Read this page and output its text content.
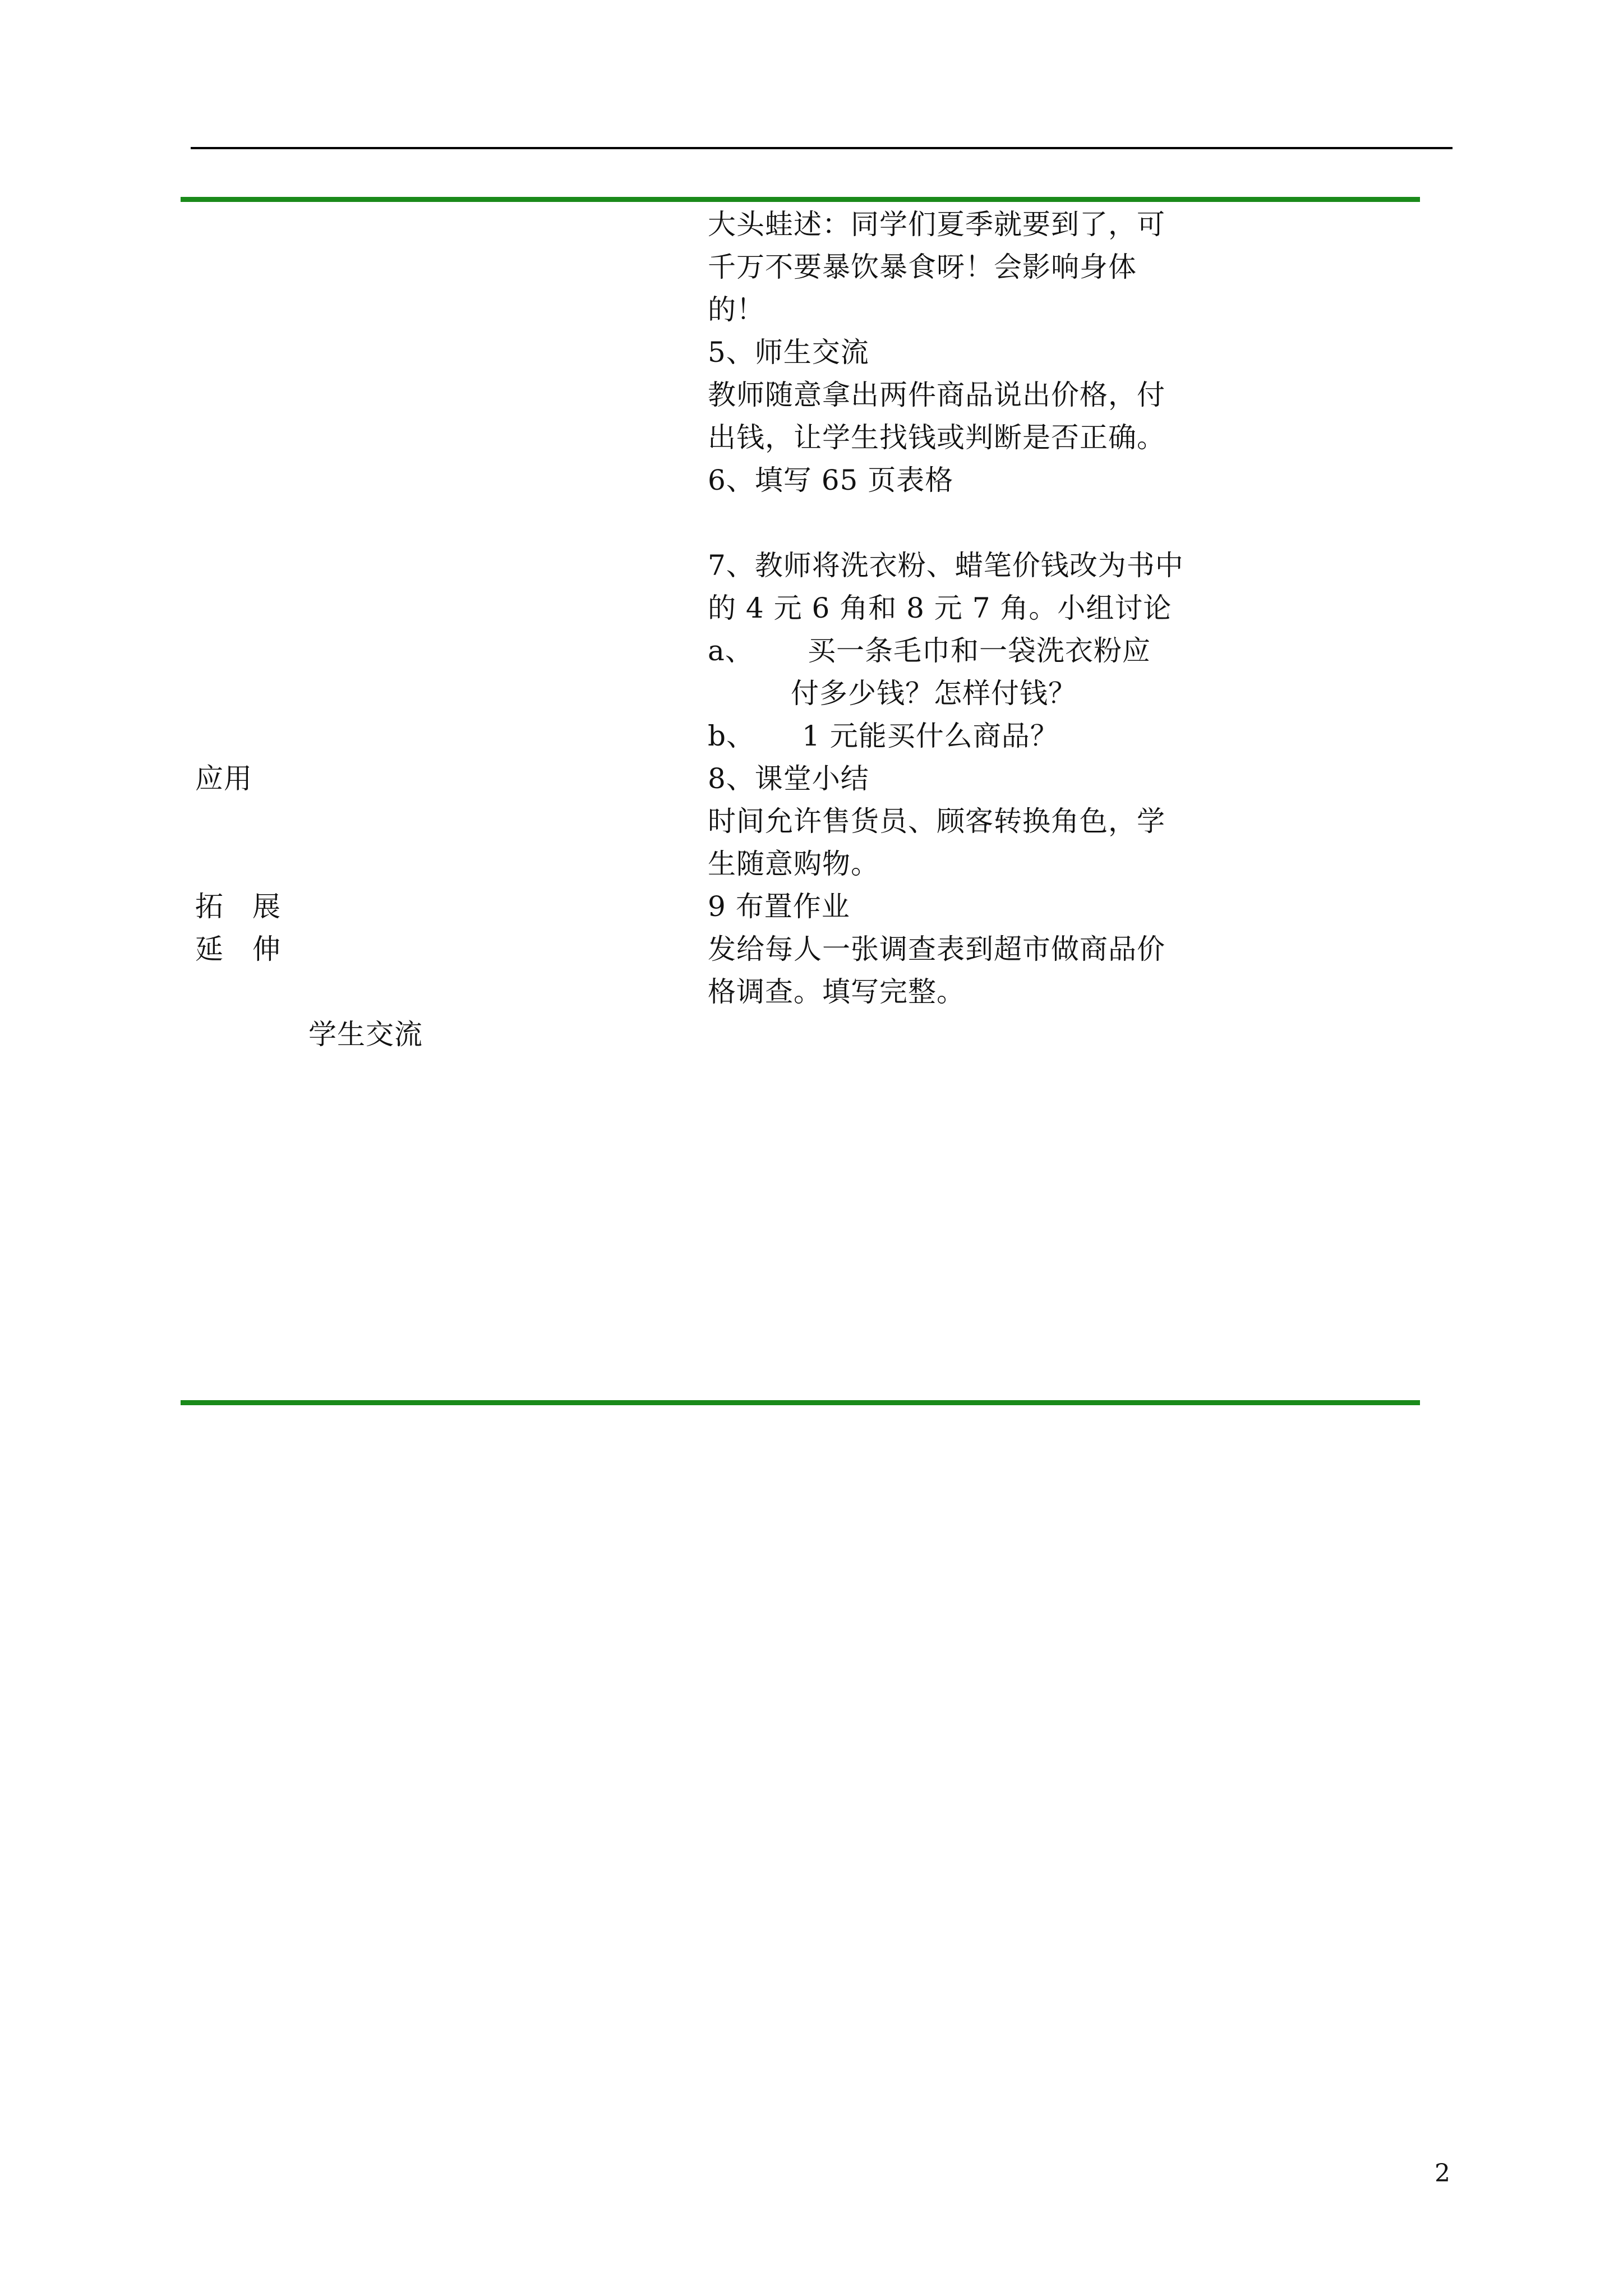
大头蛙述：同学们夏季就要到了，可
千万不要暴饮暴食呀！会影响身体
的！
5、师生交流
教师随意拿出两件商品说出价格，付
出钱，让学生找钱或判断是否正确。
6、填写 65 页表格
7、教师将洗衣粉、蜡笔价钱改为书中
的 4 元 6 角和 8 元 7 角。小组讨论
a、 买一条毛巾和一袋洗衣粉应
付多少钱？怎样付钱？
b、 1 元能买什么商品？
8、课堂小结
时间允许售货员、顾客转换角色，学
生随意购物。
9 布置作业
发给每人一张调查表到超市做商品价
格调查。填写完整。
应用
拓　展
延　伸
学生交流
2
